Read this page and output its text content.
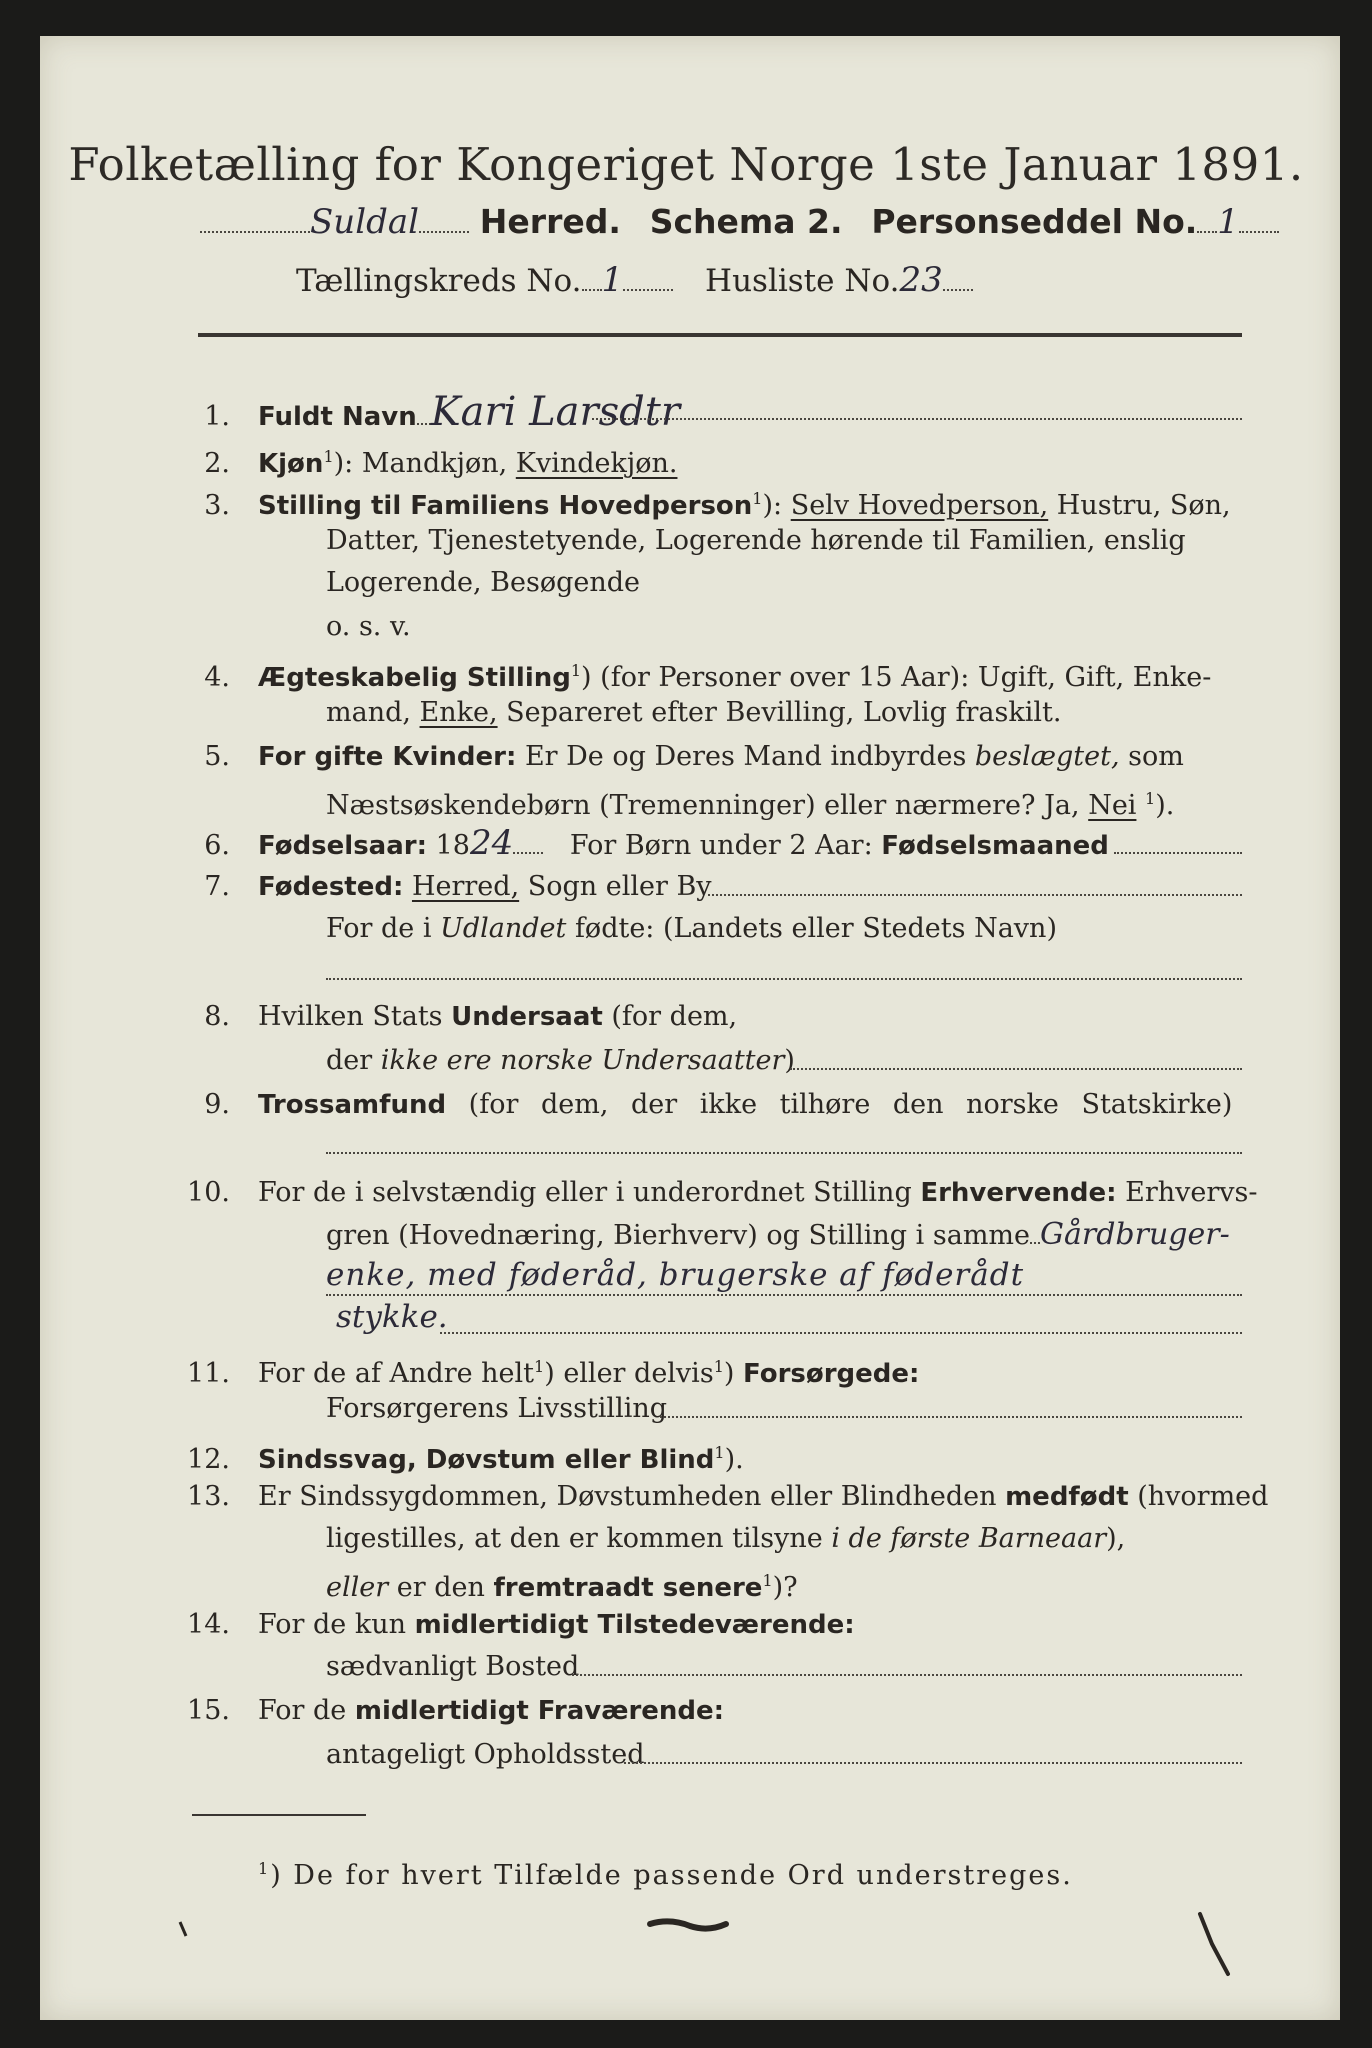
Folketælling for Kongeriget Norge 1ste Januar 1891.
Suldal Herred. Schema 2. Personseddel No. 1
Tællingskreds No. 1	Husliste No.23
1. Fuldt Navn Kari Larsdtr
2. Kjøn$^1$): Mandkjøn, Kvindekjøn.
3. Stilling til Familiens Hovedperson$^1$): Selv Hovedperson, Hustru, Søn,
Datter, Tjenestetyende, Logerende hørende til Familien, enslig
Logerende, Besøgende
o. s. v.
4. Ægteskabelig Stilling$^1$) (for Personer over 15 Aar): Ugift, Gift, Enke-
mand, Enke, Separeret efter Bevilling, Lovlig fraskilt.
5. For gifte Kvinder: Er De og Deres Mand indbyrdes beslægtet, som
Næstsøskendebørn (Tremenninger) eller nærmere? Ja, Nei $^1$).
6. Fødselsaar: 1824 For Børn under 2 Aar: Fødselsmaaned
7. Fødested: Herred, Sogn eller By
For de i Udlandet fødte: (Landets eller Stedets Navn)
8. Hvilken Stats Undersaat (for dem,
der ikke ere norske Undersaatter)
9. Trossamfund (for dem, der ikke tilhøre den norske Statskirke)
10. For de i selvstændig eller i underordnet Stilling Erhvervende: Erhvervs-
gren (Hovednæring, Bierhverv) og Stilling i samme Gårdbruger-
enke, med føderåd, brugerske af føderådt
stykke.
11. For de af Andre helt$^1$) eller delvis$^1$) Forsørgede:
Forsørgerens Livsstilling
12. Sindssvag, Døvstum eller Blind$^1$).
13. Er Sindssygdommen, Døvstumheden eller Blindheden medfødt (hvormed
ligestilles, at den er kommen tilsyne i de første Barneaar),
eller er den fremtraadt senere$^1$)?
14. For de kun midlertidigt Tilstedeværende:
sædvanligt Bosted
15. For de midlertidigt Fraværende:
antageligt Opholdssted
$^1$) De for hvert Tilfælde passende Ord understreges.
